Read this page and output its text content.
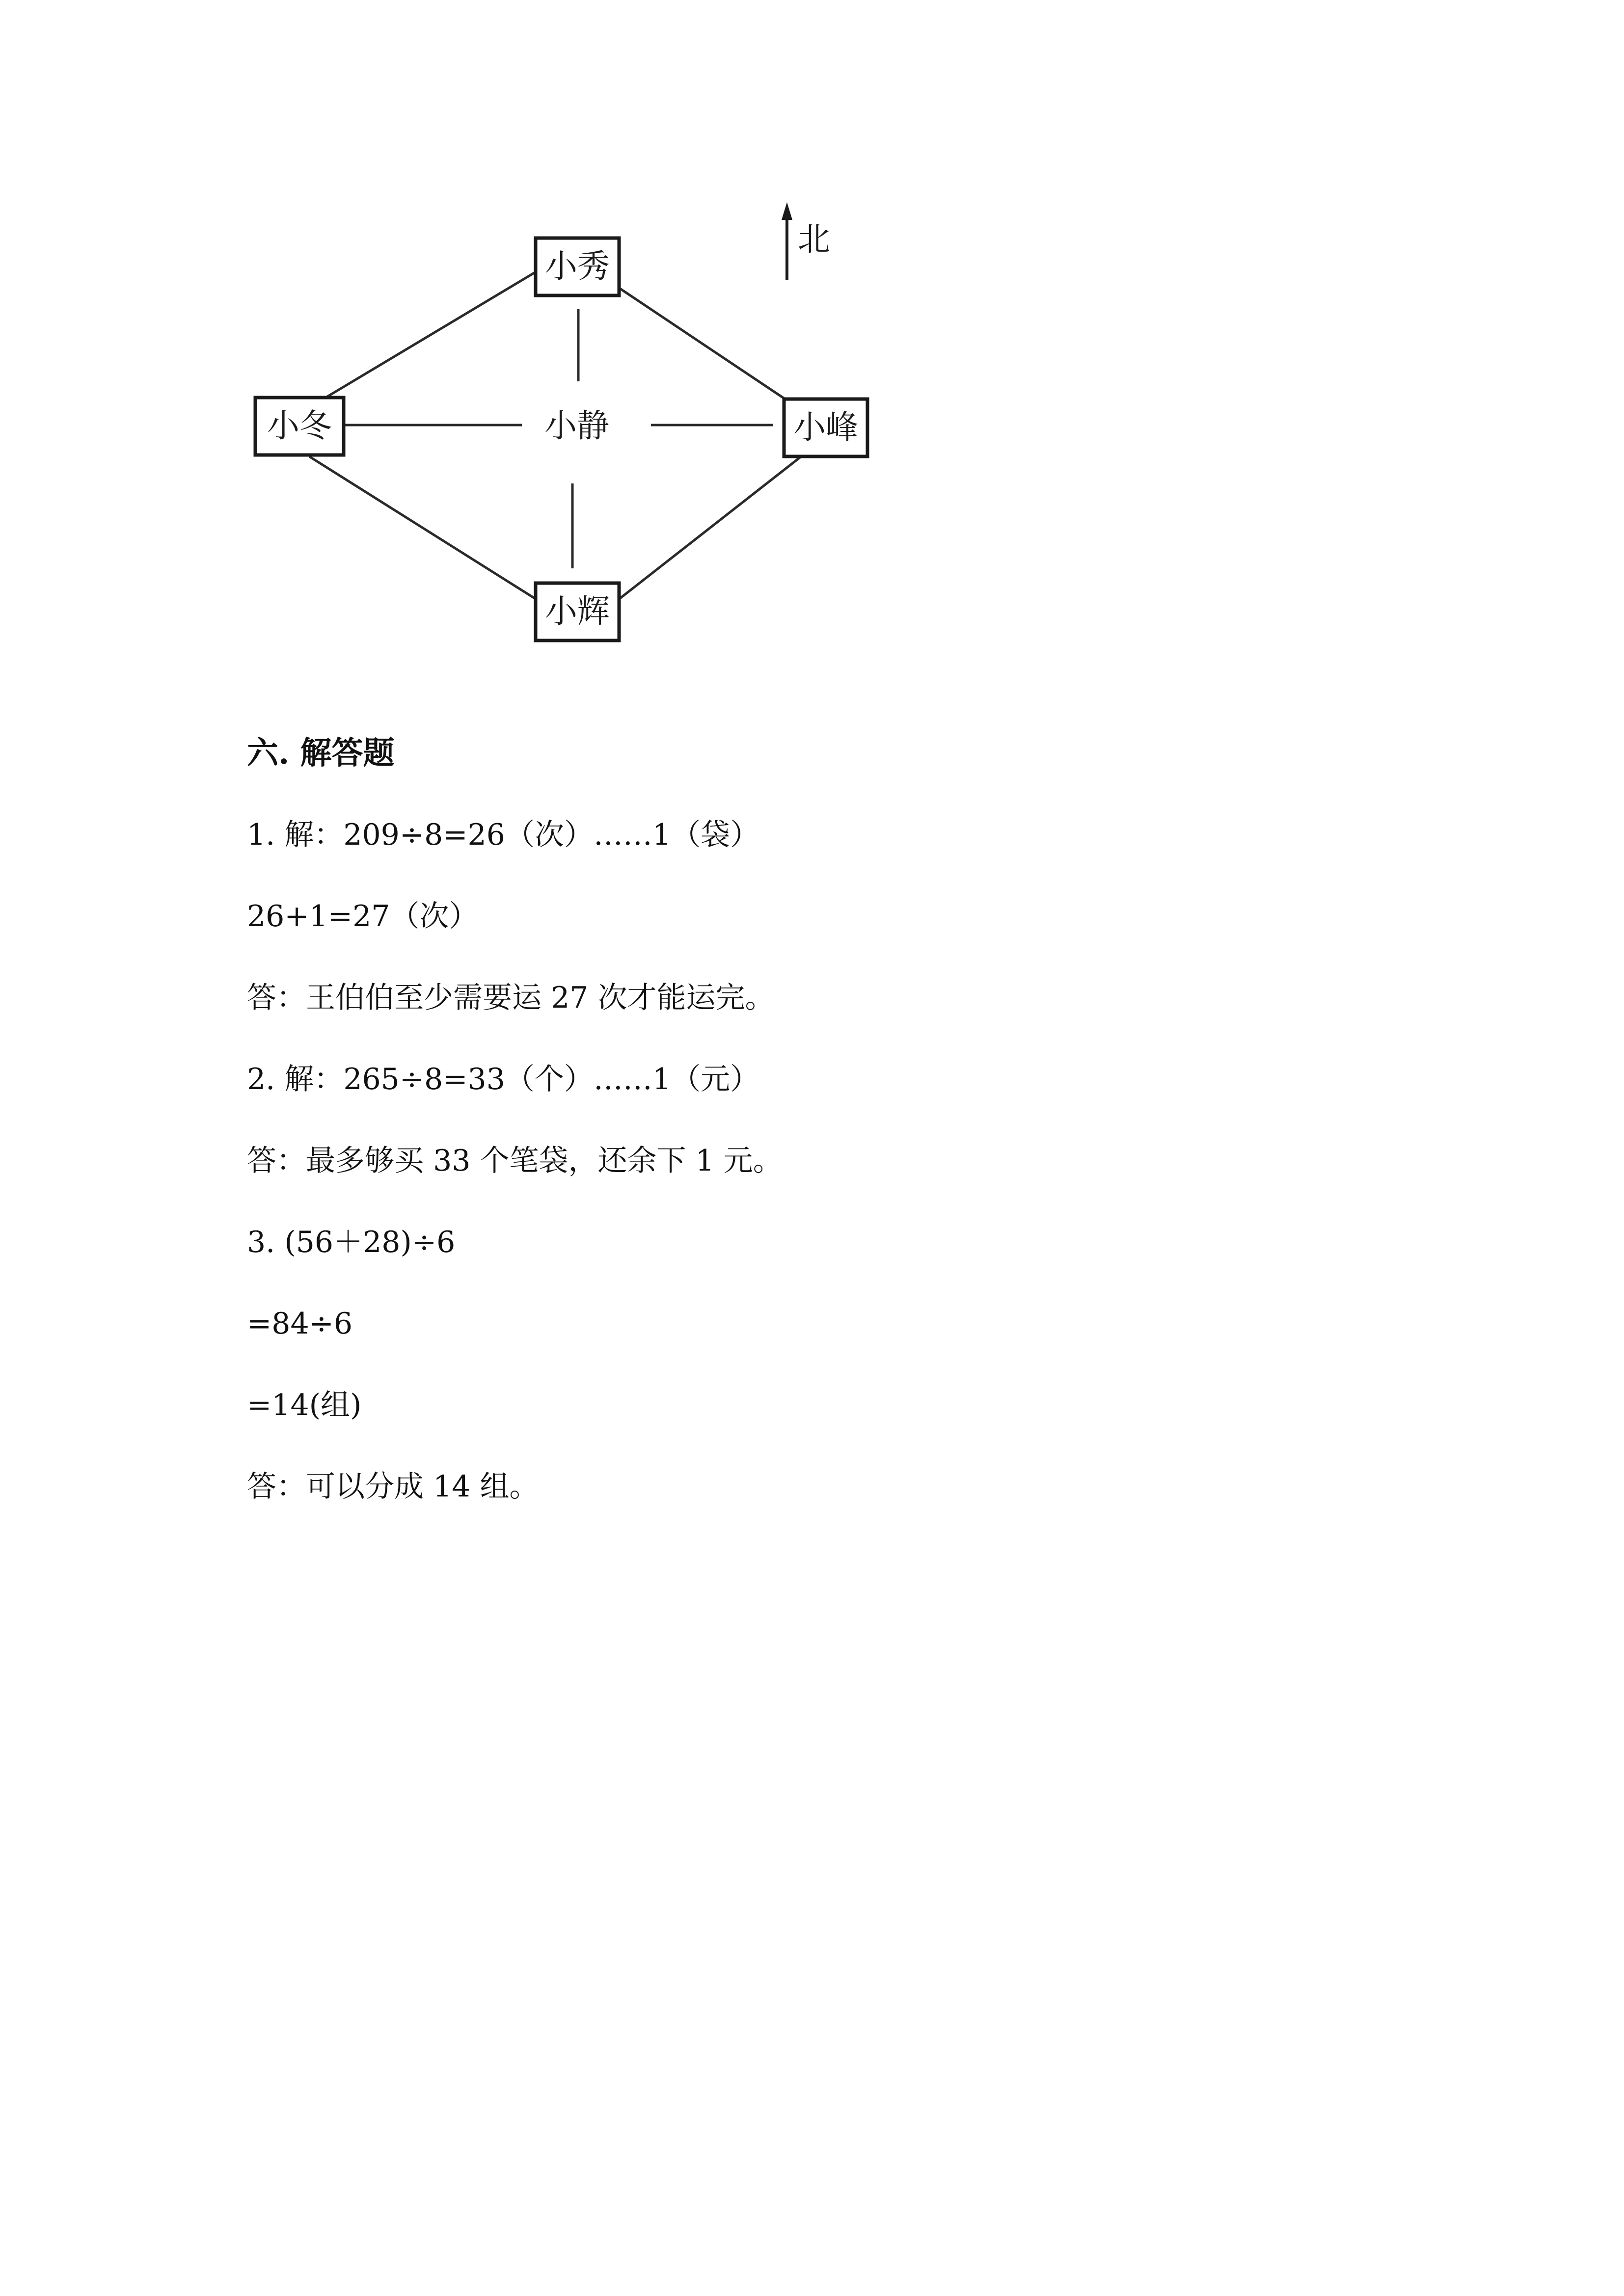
小秀
小冬	小静	小峰
小辉
北
六. 解答题
1. 解：209÷8=26（次）……1（袋）
26+1=27（次）
答：王伯伯至少需要运 27 次才能运完。
2. 解：265÷8=33（个）……1（元）
答：最多够买 33 个笔袋，还余下 1 元。
3. (56＋28)÷6
=84÷6
=14(组)
答：可以分成 14 组。
